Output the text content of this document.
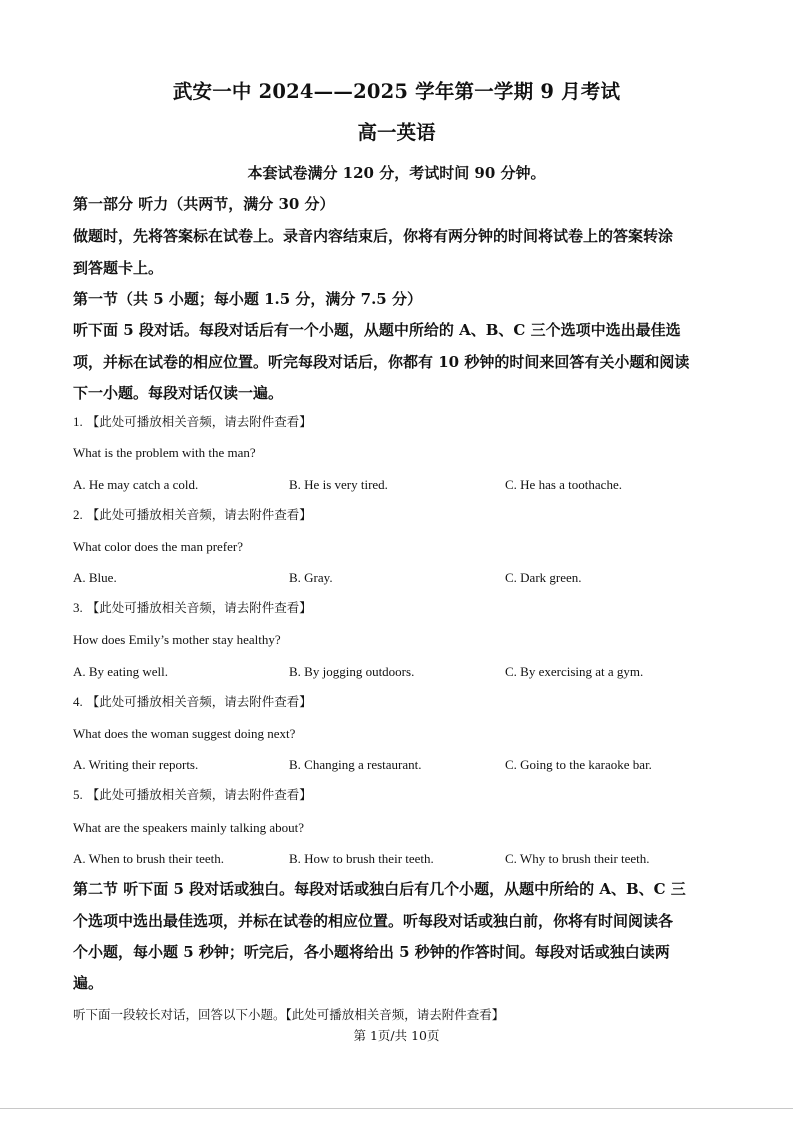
武安一中 2024——2025 学年第一学期 9 月考试
高一英语
本套试卷满分 120 分，考试时间 90 分钟。
第一部分 听力（共两节，满分 30 分）
做题时，先将答案标在试卷上。录音内容结束后，你将有两分钟的时间将试卷上的答案转涂
到答题卡上。
第一节（共 5 小题；每小题 1.5 分，满分 7.5 分）
听下面 5 段对话。每段对话后有一个小题，从题中所给的 A、B、C 三个选项中选出最佳选
项，并标在试卷的相应位置。听完每段对话后，你都有 10 秒钟的时间来回答有关小题和阅读
下一小题。每段对话仅读一遍。
1. 【此处可播放相关音频，请去附件查看】
What is the problem with the man?
A. He may catch a cold.	B. He is very tired.	C. He has a toothache.
2. 【此处可播放相关音频，请去附件查看】
What color does the man prefer?
A. Blue.	B. Gray.	C. Dark green.
3. 【此处可播放相关音频，请去附件查看】
How does Emily’s mother stay healthy?
A. By eating well.	B. By jogging outdoors.	C. By exercising at a gym.
4. 【此处可播放相关音频，请去附件查看】
What does the woman suggest doing next?
A. Writing their reports.	B. Changing a restaurant.	C. Going to the karaoke bar.
5. 【此处可播放相关音频，请去附件查看】
What are the speakers mainly talking about?
A. When to brush their teeth.	B. How to brush their teeth.	C. Why to brush their teeth.
第二节 听下面 5 段对话或独白。每段对话或独白后有几个小题，从题中所给的 A、B、C 三
个选项中选出最佳选项，并标在试卷的相应位置。听每段对话或独白前，你将有时间阅读各
个小题，每小题 5 秒钟；听完后，各小题将给出 5 秒钟的作答时间。每段对话或独白读两
遍。
听下面一段较长对话，回答以下小题。【此处可播放相关音频，请去附件查看】
第 1页/共 10页
